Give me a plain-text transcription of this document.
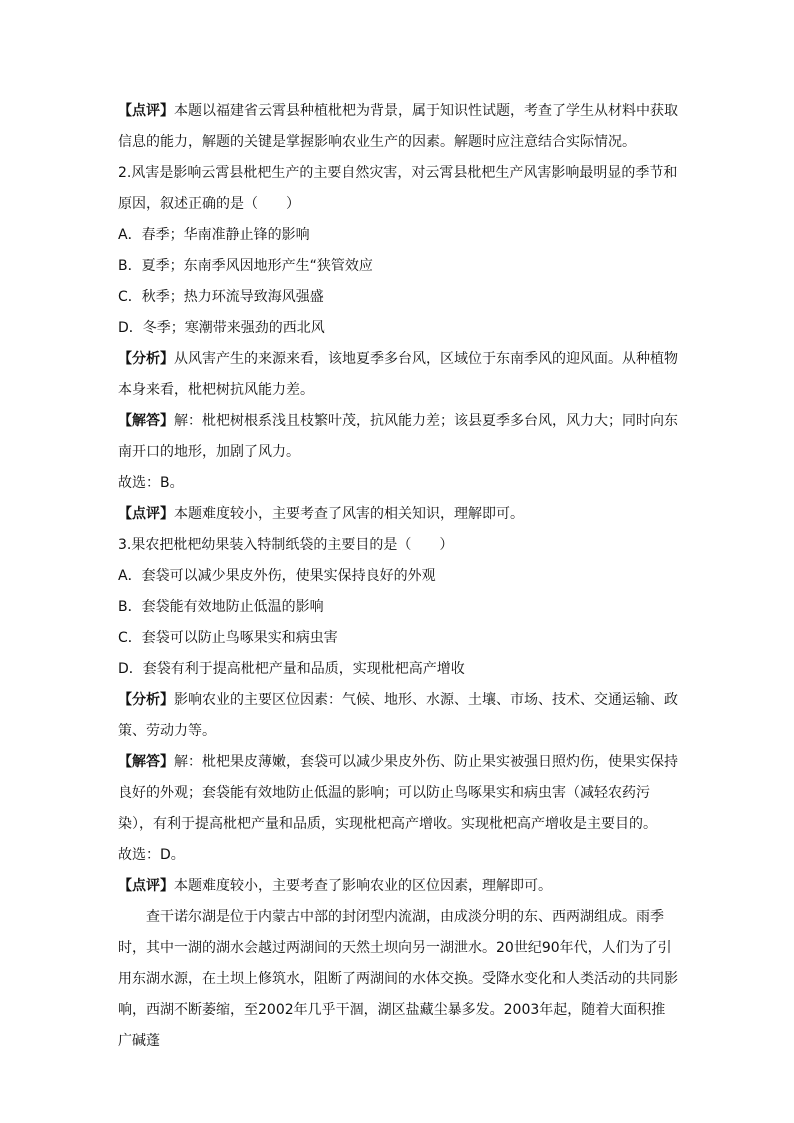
【点评】本题以福建省云霄县种植枇杷为背景，属于知识性试题，考查了学生从材料中获取信息的能力，解题的关键是掌握影响农业生产的因素。解题时应注意结合实际情况。

2.风害是影响云霄县枇杷生产的主要自然灾害，对云霄县枇杷生产风害影响最明显的季节和原因，叙述正确的是（　　）

A．春季；华南准静止锋的影响

B．夏季；东南季风因地形产生“狭管效应

C．秋季；热力环流导致海风强盛

D．冬季；寒潮带来强劲的西北风

【分析】从风害产生的来源来看，该地夏季多台风，区域位于东南季风的迎风面。从种植物本身来看，枇杷树抗风能力差。

【解答】解：枇杷树根系浅且枝繁叶茂，抗风能力差；该县夏季多台风，风力大；同时向东南开口的地形，加剧了风力。

故选：B。

【点评】本题难度较小，主要考查了风害的相关知识，理解即可。

3.果农把枇杷幼果装入特制纸袋的主要目的是（　　）

A．套袋可以减少果皮外伤，使果实保持良好的外观

B．套袋能有效地防止低温的影响

C．套袋可以防止鸟啄果实和病虫害

D．套袋有利于提高枇杷产量和品质，实现枇杷高产增收

【分析】影响农业的主要区位因素：气候、地形、水源、土壤、市场、技术、交通运输、政策、劳动力等。

【解答】解：枇杷果皮薄嫩，套袋可以减少果皮外伤、防止果实被强日照灼伤，使果实保持良好的外观；套袋能有效地防止低温的影响；可以防止鸟啄果实和病虫害（减轻农药污染），有利于提高枇杷产量和品质，实现枇杷高产增收。实现枇杷高产增收是主要目的。

故选：D。

【点评】本题难度较小，主要考查了影响农业的区位因素，理解即可。

查干诺尔湖是位于内蒙古中部的封闭型内流湖，由成淡分明的东、西两湖组成。雨季时，其中一湖的湖水会越过两湖间的天然土坝向另一湖泄水。20世纪90年代，人们为了引用东湖水源，在土坝上修筑水，阻断了两湖间的水体交换。受降水变化和人类活动的共同影响，西湖不断萎缩，至2002年几乎干涸，湖区盐藏尘暴多发。2003年起，随着大面积推广碱蓬
